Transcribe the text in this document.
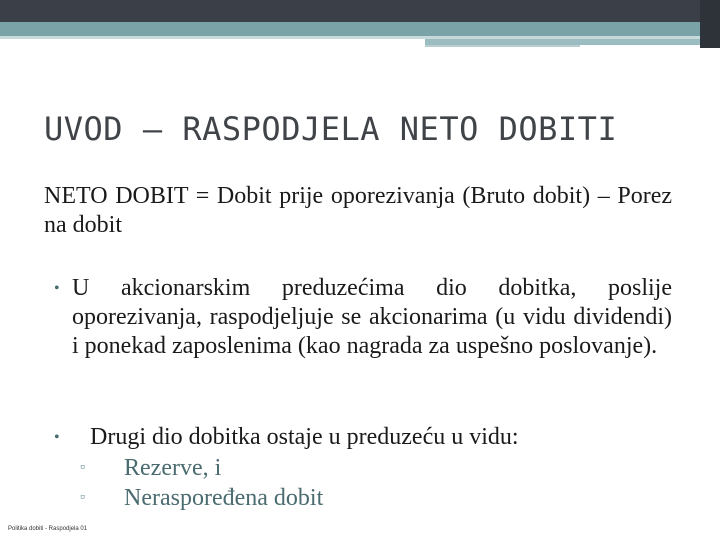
UVOD – RASPODJELA NETO DOBITI
NETO DOBIT = Dobit prije oporezivanja (Bruto dobit) – Porez na dobit
• U akcionarskim preduzećima dio dobitka, poslije oporezivanja, raspodjeljuje se akcionarima (u vidu dividendi) i ponekad zaposlenima (kao nagrada za uspešno poslovanje).
•	Drugi dio dobitka ostaje u preduzeću u vidu:
▫	Rezerve, i
▫	Neraspoređena dobit
Politika dobiti - Raspodjela 01
